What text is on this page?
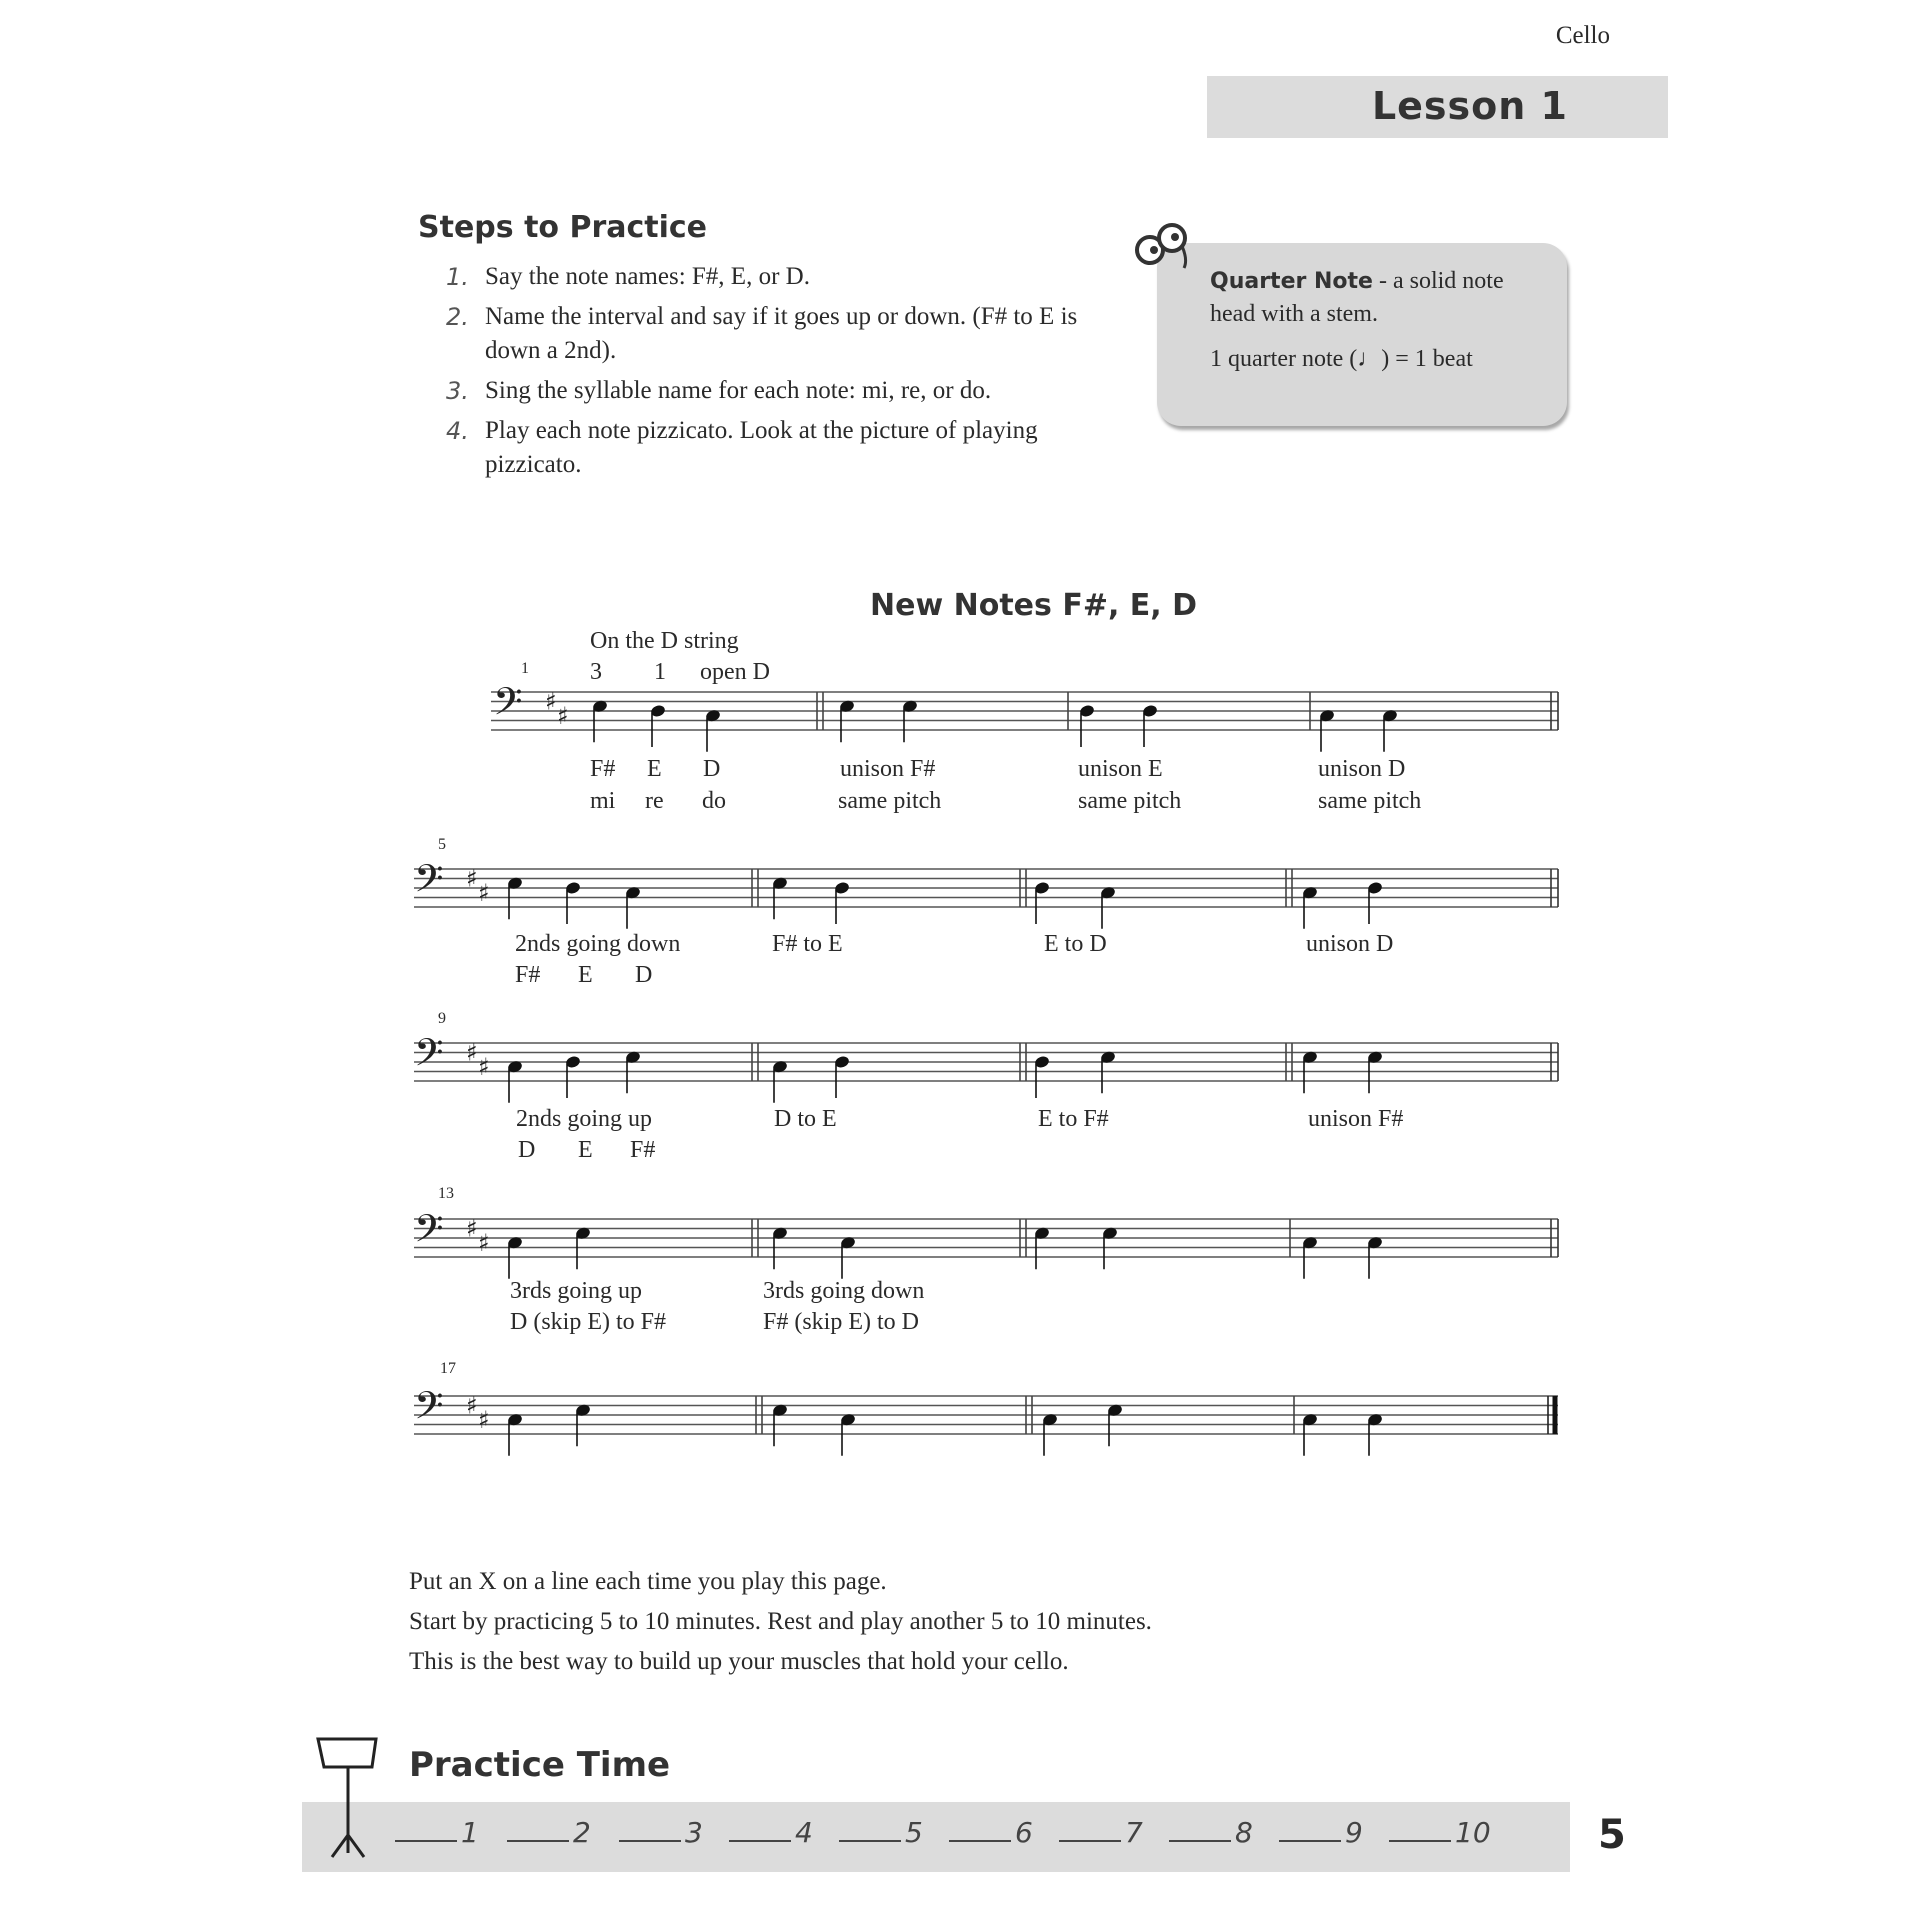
Cello
Lesson 1
Steps to Practice
1. Say the note names: F#, E, or D.
2. Name the interval and say if it goes up or down. (F# to E is down a 2nd).
3. Sing the syllable name for each note: mi, re, or do.
4. Play each note pizzicato. Look at the picture of playing pizzicato.
Quarter Note - a solid note head with a stem.
1 quarter note (♩) = 1 beat
New Notes F#, E, D
On the D string
3 1 open D
1
5
9
13
17
𝄢 ♯
♯
𝄢 ♯
♯
𝄢 ♯
♯
𝄢 ♯
♯
𝄢 ♯
♯
F# E D
mi re do
unison F#
same pitch
unison E
same pitch
unison D
same pitch
2nds going down
F# E D
F# to E	E to D	unison D
2nds going up
D E F#
D to E	E to F#	unison F#
3rds going up
D (skip E) to F#
3rds going down
F# (skip E) to D
Put an X on a line each time you play this page.
Start by practicing 5 to 10 minutes. Rest and play another 5 to 10 minutes.
This is the best way to build up your muscles that hold your cello.
1	2	3	4	5	6	7	8	9	10
Practice Time
5
